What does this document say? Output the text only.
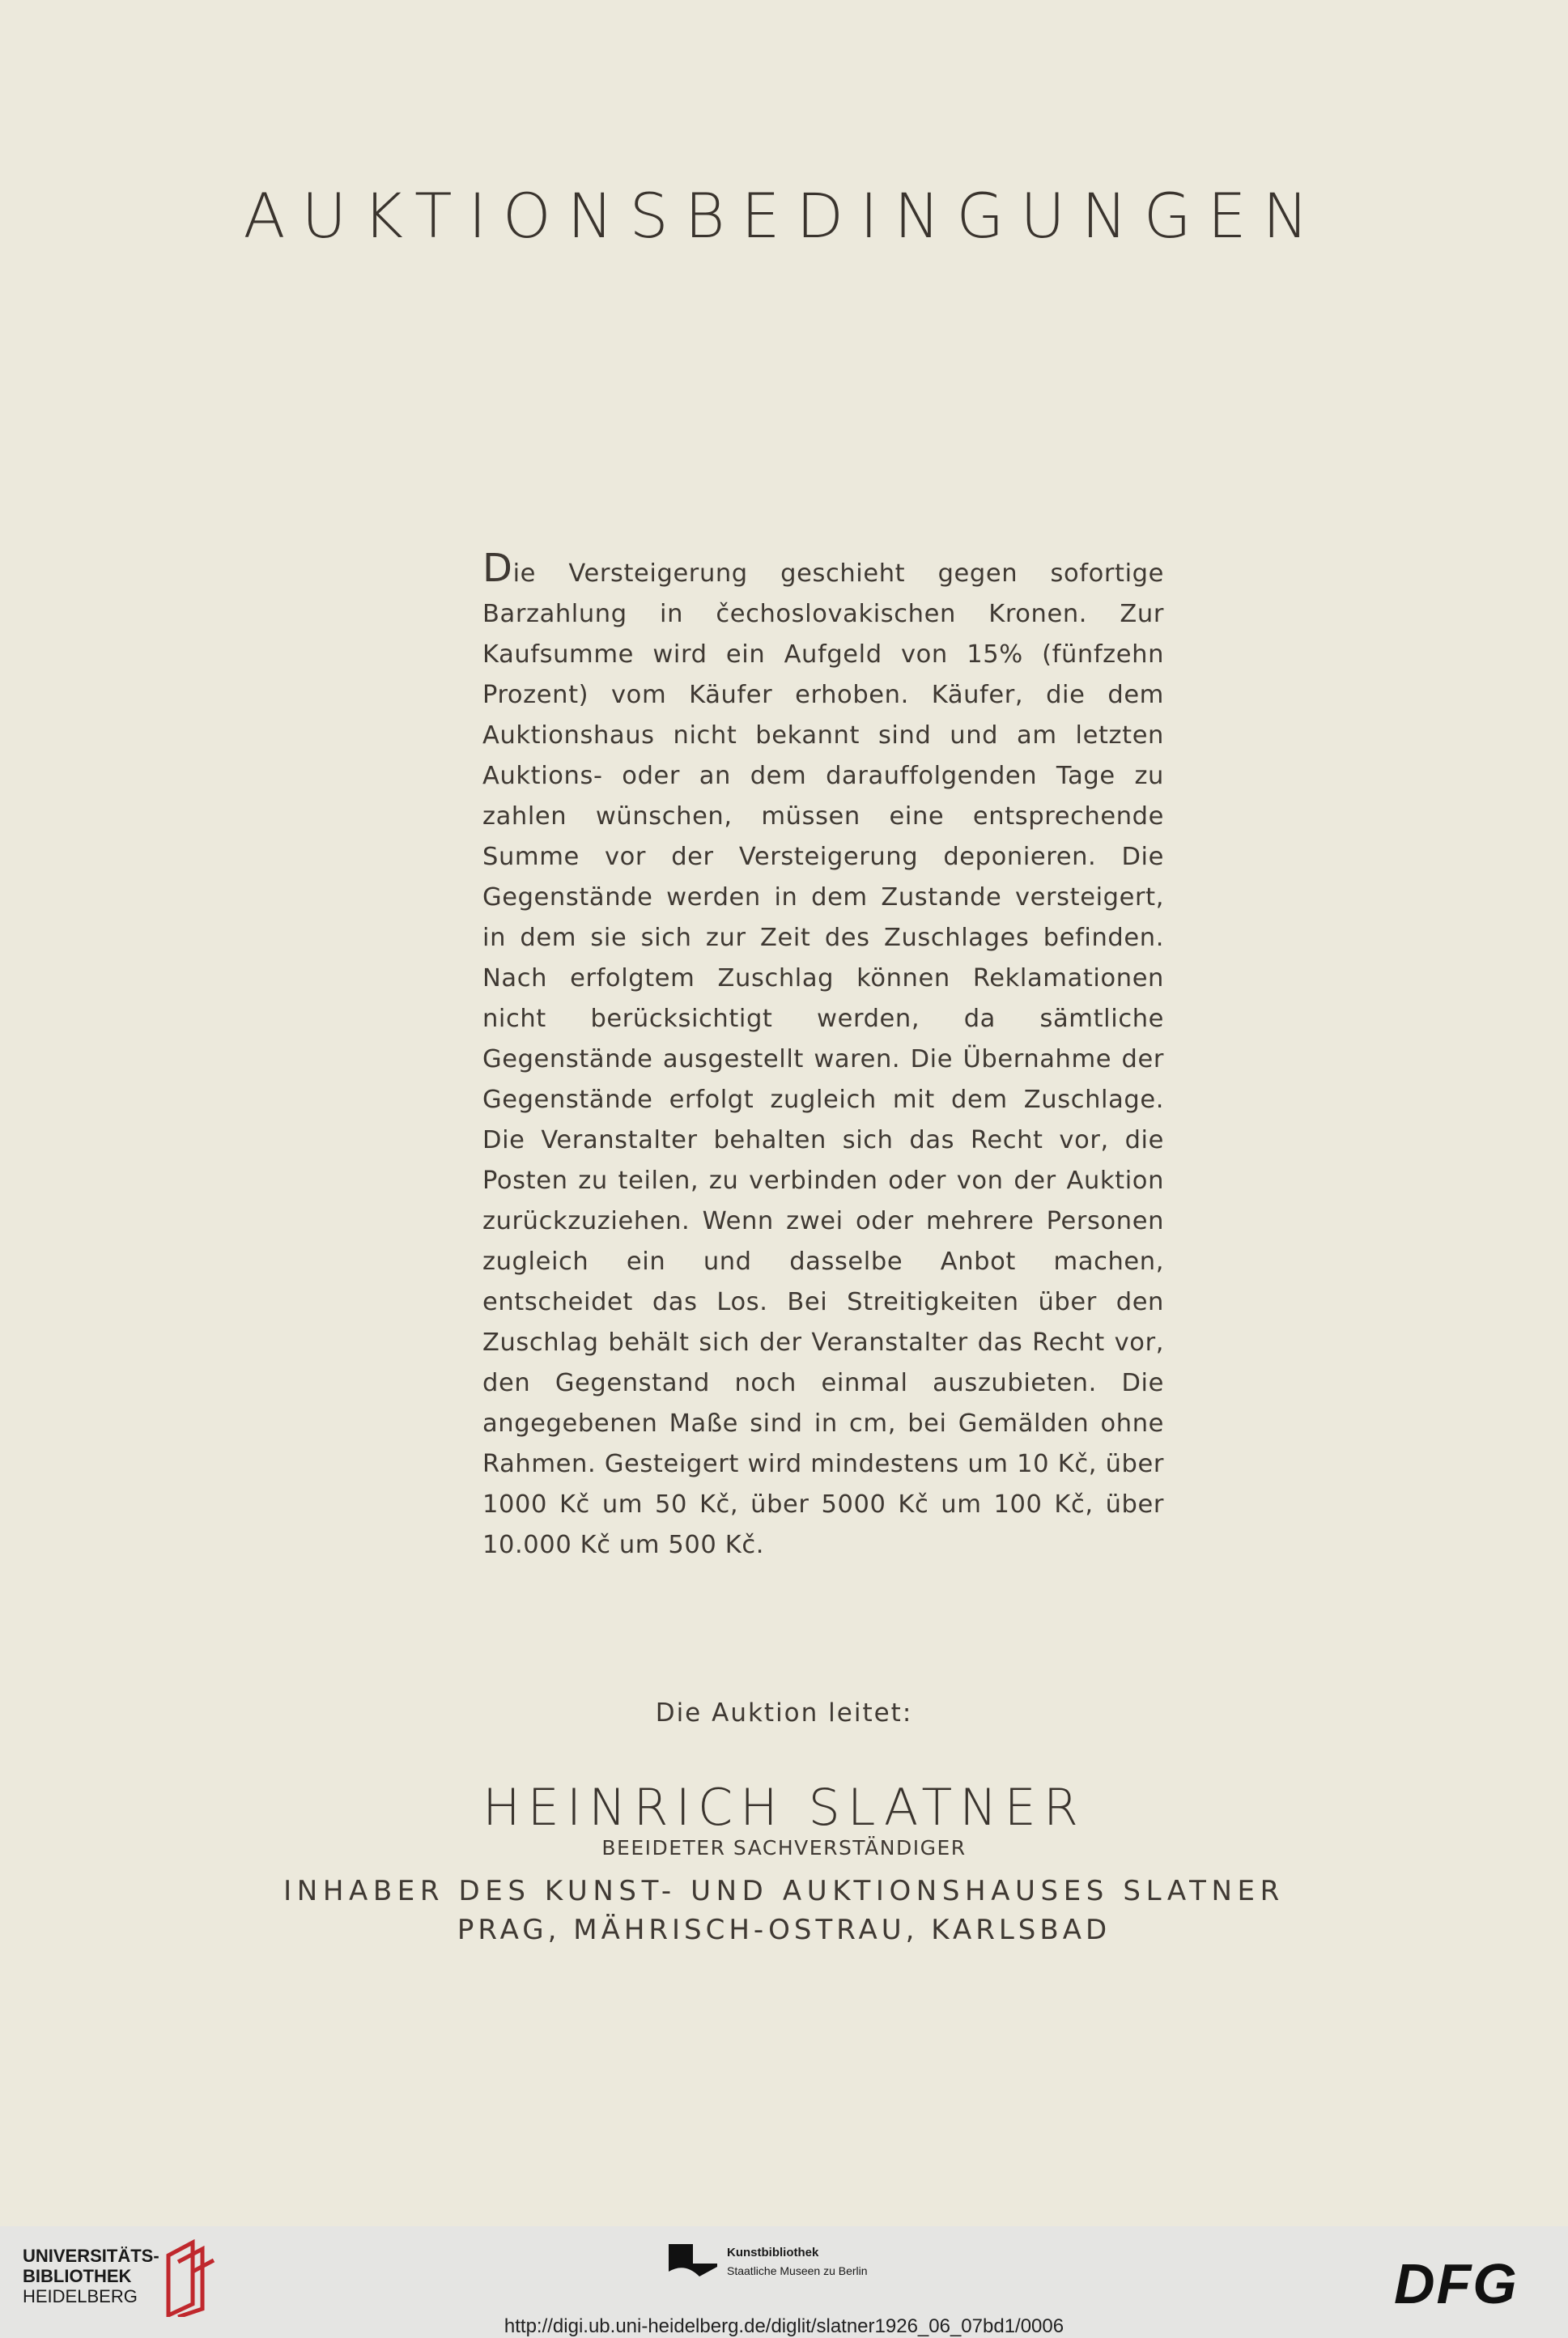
AUKTIONSBEDINGUNGEN

Die Versteigerung geschieht gegen sofortige Barzahlung in čechoslovakischen Kronen. Zur Kaufsumme wird ein Aufgeld von 15% (fünfzehn Prozent) vom Käufer erhoben. Käufer, die dem Auktionshaus nicht bekannt sind und am letzten Auktions- oder an dem darauffolgenden Tage zu zahlen wünschen, müssen eine entsprechende Summe vor der Versteigerung deponieren. Die Gegenstände werden in dem Zustande versteigert, in dem sie sich zur Zeit des Zuschlages befinden. Nach erfolgtem Zuschlag können Reklamationen nicht berücksichtigt werden, da sämtliche Gegenstände ausgestellt waren. Die Übernahme der Gegenstände erfolgt zugleich mit dem Zuschlage. Die Veranstalter behalten sich das Recht vor, die Posten zu teilen, zu verbinden oder von der Auktion zurückzuziehen. Wenn zwei oder mehrere Personen zugleich ein und dasselbe Anbot machen, entscheidet das Los. Bei Streitigkeiten über den Zuschlag behält sich der Veranstalter das Recht vor, den Gegenstand noch einmal auszubieten. Die angegebenen Maße sind in cm, bei Gemälden ohne Rahmen. Gesteigert wird mindestens um 10 Kč, über 1000 Kč um 50 Kč, über 5000 Kč um 100 Kč, über 10.000 Kč um 500 Kč.

Die Auktion leitet:

HEINRICH SLATNER

BEEIDETER SACHVERSTÄNDIGER

INHABER DES KUNST- UND AUKTIONSHAUSES SLATNER

PRAG, MÄHRISCH-OSTRAU, KARLSBAD

UNIVERSITÄTS-
BIBLIOTHEK
HEIDELBERG
Kunstbibliothek
Staatliche Museen zu Berlin	DFG
http://digi.ub.uni-heidelberg.de/diglit/slatner1926_06_07bd1/0006
